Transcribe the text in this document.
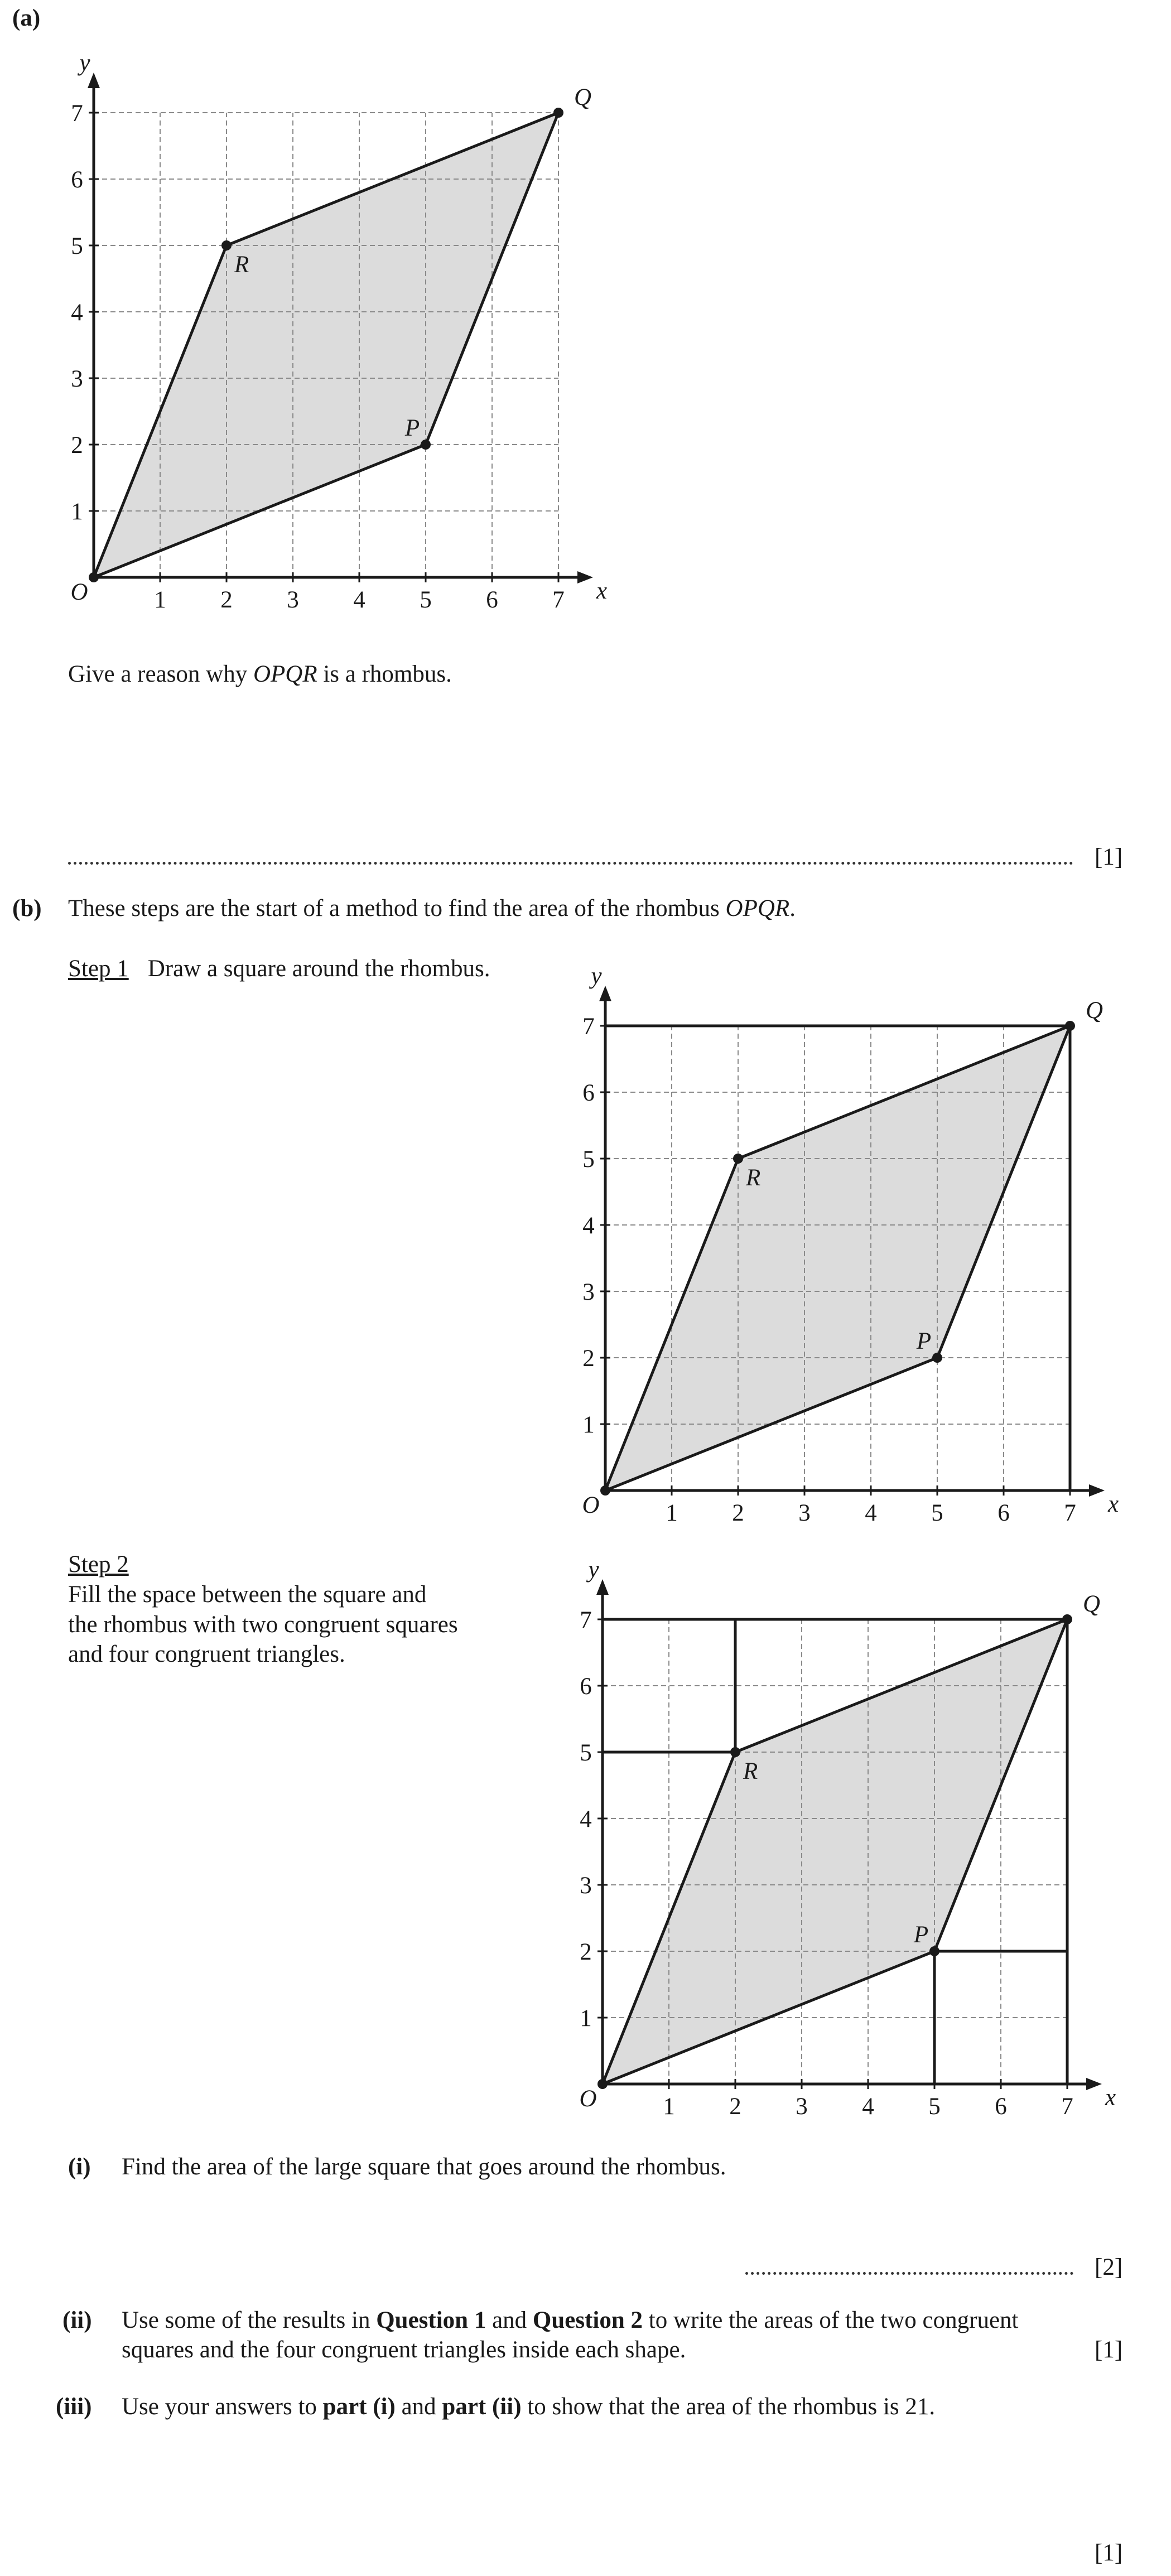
(a)
1
1
2
2
3
3
4
4
5
5
6
6
7
7
x
y
O
P
Q
R
Give a reason why OPQR is a rhombus.
[1]
(b) These steps are the start of a method to find the area of the rhombus OPQR.
Step 1 Draw a square around the rhombus.
1
1
2
2
3
3
4
4
5
5
6
6
7
7
x
y
O
P
Q
R
Step 2
Fill the space between the square and
the rhombus with two congruent squares
and four congruent triangles.
1
1
2
2
3
3
4
4
5
5
6
6
7
7
x
y
O
P
Q
R
(i) Find the area of the large square that goes around the rhombus.
[2]
(ii) Use some of the results in Question 1 and Question 2 to write the areas of the two congruent
squares and the four congruent triangles inside each shape.	[1]
(iii) Use your answers to part (i) and part (ii) to show that the area of the rhombus is 21.
[1]
